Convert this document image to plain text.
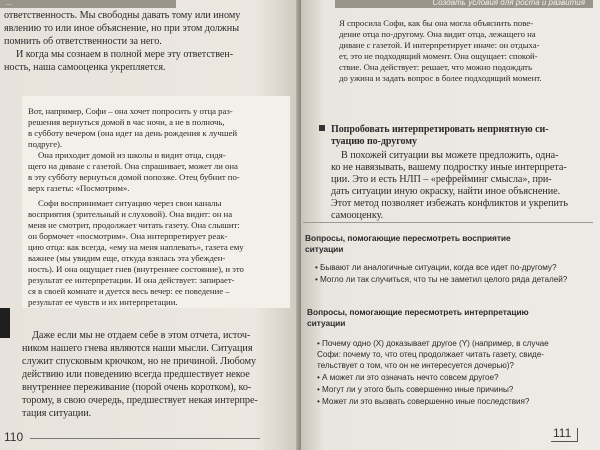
...
ответственность. Мы свободны давать тому или иному
явлению то или иное объяснение, но при этом должны
помнить об ответственности за него.
И когда мы сознаем в полной мере эту ответствен-
ность, наша самооценка укрепляется.
Вот, например, Софи – она хочет попросить у отца раз-
решения вернуться домой в час ночи, а не в полночь,
в субботу вечером (она идет на день рождения к лучшей
подруге).
Она приходит домой из школы и видит отца, сидя-
щего на диване с газетой. Она спрашивает, может ли она
в эту субботу вернуться домой попозже. Отец бубнит по-
верх газеты: «Посмотрим».
Софи воспринимает ситуацию через свои каналы
восприятия (зрительный и слуховой). Она видит: он на
меня не смотрит, продолжает читать газету. Она слышит:
он бормочет «посмотрим». Она интерпретирует реак-
цию отца: как всегда, «ему на меня наплевать», газета ему
важнее (мы увидим еще, откуда взялась эта убежден-
ность). И она ощущает гнев (внутреннее состояние), и это
результат ее интерпретации. И она действует: запирает-
ся в своей комнате и дуется весь вечер: ее поведение –
результат ее чувств и их интерпретации.
Даже если мы не отдаем себе в этом отчета, источ-
ником нашего гнева являются наши мысли. Ситуация
служит спусковым крючком, но не причиной. Любому
действию или поведению всегда предшествует некое
внутреннее переживание (порой очень коротком), ко-
торому, в свою очередь, предшествует некая интерпре-
тация ситуации.
110
Создать условия для роста и развития
Я спросила Софи, как бы она могла объяснить пове-
дение отца по-другому. Она видит отца, лежащего на
диване с газетой. И интерпретирует иначе: он отдыха-
ет, это не подходящий момент. Она ощущает: спокой-
ствие. Она действует: решает, что можно подождать
до ужина и задать вопрос в более подходящий момент.
Попробовать интерпретировать неприятную си-
туацию по-другому
В похожей ситуации вы можете предложить, одна-
ко не навязывать, вашему подростку иные интерпрета-
ции. Это и есть НЛП – «рефрейминг смысла», при-
дать ситуации иную окраску, найти иное объяснение.
Этот метод позволяет избежать конфликтов и укрепить
самооценку.
Вопросы, помогающие пересмотреть восприятие
ситуации
• Бывают ли аналогичные ситуации, когда все идет по-другому?
• Могло ли так случиться, что ты не заметил целого ряда деталей?
Вопросы, помогающие пересмотреть интерпретацию
ситуации
• Почему одно (X) доказывает другое (Y) (например, в случае
Софи: почему то, что отец продолжает читать газету, свиде-
тельствует о том, что он не интересуется дочерью)?
• А может ли это означать нечто совсем другое?
• Могут ли у этого быть совершенно иные причины?
• Может ли это вызвать совершенно иные последствия?
111
